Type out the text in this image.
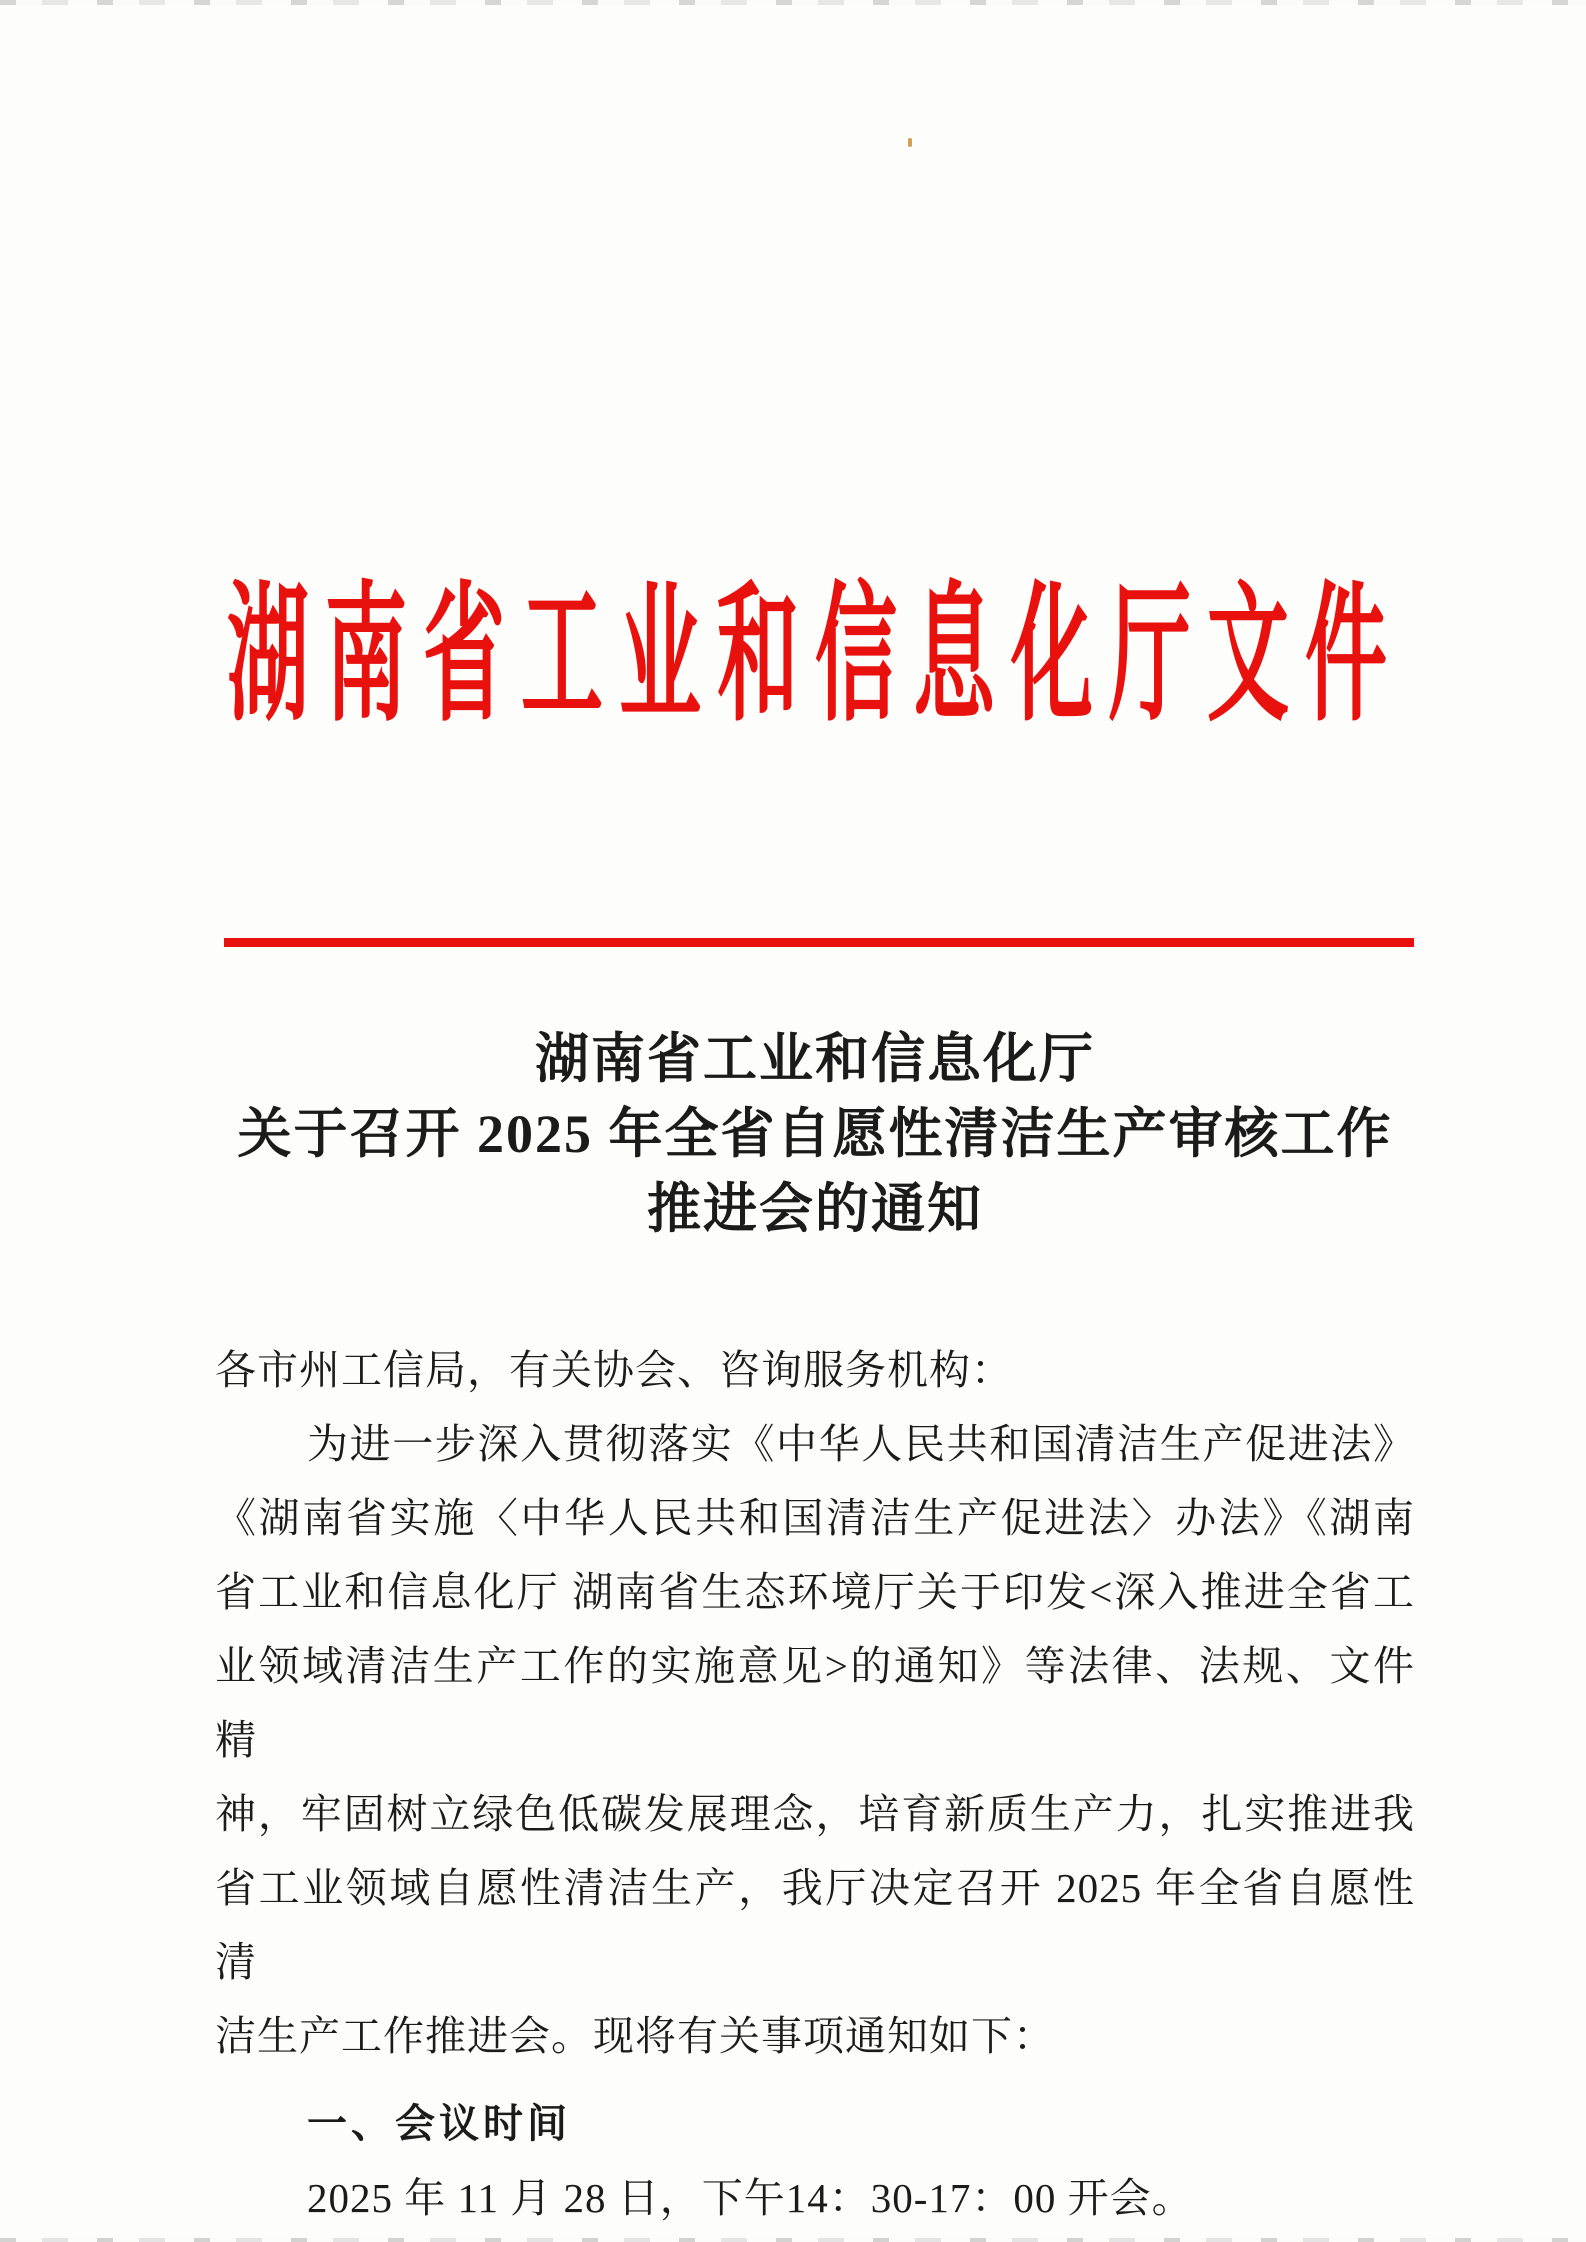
湖南省工业和信息化厅文件
湖南省工业和信息化厅
关于召开 2025 年全省自愿性清洁生产审核工作
推进会的通知
各市州工信局，有关协会、咨询服务机构：
为进一步深入贯彻落实《中华人民共和国清洁生产促进法》
《湖南省实施〈中华人民共和国清洁生产促进法〉办法》《湖南
省工业和信息化厅 湖南省生态环境厅关于印发<深入推进全省工
业领域清洁生产工作的实施意见>的通知》等法律、法规、文件精
神，牢固树立绿色低碳发展理念，培育新质生产力，扎实推进我
省工业领域自愿性清洁生产，我厅决定召开 2025 年全省自愿性清
洁生产工作推进会。现将有关事项通知如下：
一、会议时间
2025 年 11 月 28 日，下午14：30-17：00 开会。
